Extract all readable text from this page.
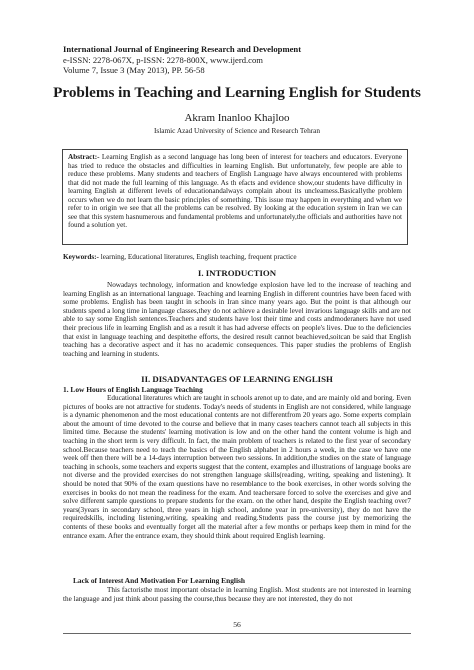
International Journal of Engineering Research and Development
e-ISSN: 2278-067X, p-ISSN: 2278-800X, www.ijerd.com
Volume 7, Issue 3 (May 2013), PP. 56-58
Problems in Teaching and Learning English for Students
Akram Inanloo Khajloo
Islamic Azad University of Science and Research Tehran
Abstract:- Learning English as a second language has long been of interest for teachers and educators. Everyone has tried to reduce the obstacles and difficulties in learning English. But unfortunately, few people are able to reduce these problems. Many students and teachers of English Language have always encountered with problems that did not made the full learning of this language. As th efacts and evidence show,our students have difficulty in learning English at different levels of educationandalways complain about its uncleamess.Basicallythe problem occurs when we do not learn the basic principles of something. This issue may happen in everything and when we refer to in origin we see that all the problems can be resolved. By looking at the education system in Iran we can see that this system hasnumerous and fundamental problems and unfortunately,the officials and authorities have not found a solution yet.
Keywords:- learning, Educational literatures, English teaching, frequent practice
I. INTRODUCTION
Nowadays technology, information and knowledge explosion have led to the increase of teaching and learning English as an international language. Teaching and learning English in different countries have been faced with some problems. English has been taught in schools in Iran since many years ago. But the point is that although our students spend a long time in language classes,they do not achieve a desirable level invarious language skills and are not able to say some English sentences.Teachers and students have lost their time and costs andmoderaners have not used their precious life in learning English and as a result it has had adverse effects on people's lives. Due to the deficiencies that exist in language teaching and despitethe efforts, the desired result cannot beachieved,soitcan be said that English teaching has a decorative aspect and it has no academic consequences. This paper studies the problems of English teaching and learning in students.
II. DISADVANTAGES OF LEARNING ENGLISH
1. Low Hours of English Language Teaching
Educational literatures which are taught in schools arenot up to date, and are mainly old and boring. Even pictures of books are not attractive for students. Today's needs of students in English are not considered, while language is a dynamic phenomenon and the most educational contents are not differentfrom 20 years ago. Some experts complain about the amount of time devoted to the course and believe that in many cases teachers cannot teach all subjects in this limited time. Because the students' learning motivation is low and on the other hand the content volume is high and teaching in the short term is very difficult. In fact, the main problem of teachers is related to the first year of secondary school.Because teachers need to teach the basics of the English alphabet in 2 hours a week, in the case we have one week off then there will be a 14-days interruption between two sessions. In addition,the studies on the state of language teaching in schools, some teachers and experts suggest that the content, examples and illustrations of language books are not diverse and the provided exercises do not strengthen language skills(reading, writing, speaking and listening). It should be noted that 90% of the exam questions have no resemblance to the book exercises, in other words solving the exercises in books do not mean the readiness for the exam. And teachersare forced to solve the exercises and give and solve different sample questions to prepare students for the exam. on the other hand, despite the English teaching over7 years(3years in secondary school, three years in high school, andone year in pre-university), they do not have the requiredskills, including listening,writing, speaking and reading.Students pass the course just by memorizing the contents of these books and eventually forget all the material after a few months or perhaps keep them in mind for the entrance exam. After the entrance exam, they should think about required English learning.
Lack of Interest And Motivation For Learning English
This factoristhe most important obstacle in learning English. Most students are not interested in learning the language and just think about passing the course,thus because they are not interested, they do not
56
